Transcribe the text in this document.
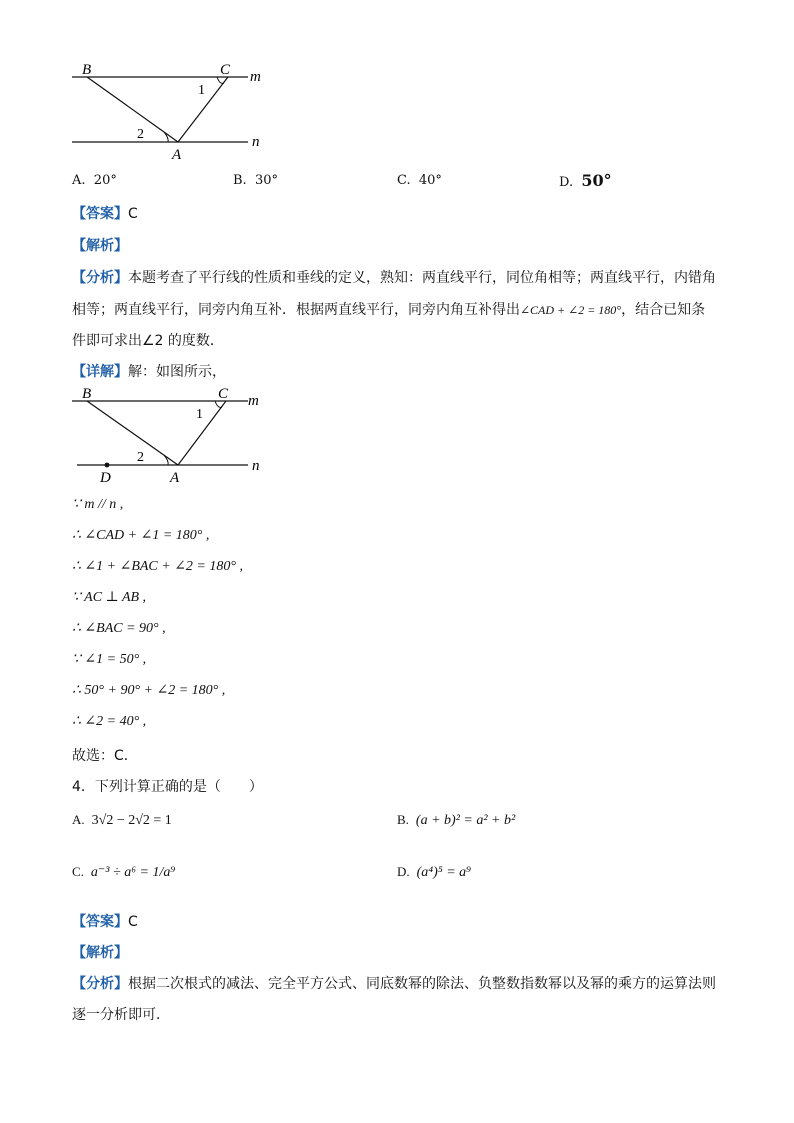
B	C m
n
A
1
2
A. 20°	B. 30°	C. 40°	D. 50°
【答案】C
【解析】
【分析】本题考查了平行线的性质和垂线的定义，熟知：两直线平行，同位角相等；两直线平行，内错角
相等；两直线平行，同旁内角互补．根据两直线平行，同旁内角互补得出∠CAD + ∠2 = 180°，结合已知条
件即可求出∠2 的度数．
【详解】解：如图所示，
B	C m
n
D	A
1
2
∵ m // n ,
∴ ∠CAD + ∠1 = 180° ,
∴ ∠1 + ∠BAC + ∠2 = 180° ,
∵ AC ⊥ AB ,
∴ ∠BAC = 90° ,
∵ ∠1 = 50° ,
∴ 50° + 90° + ∠2 = 180° ,
∴ ∠2 = 40° ,
故选：C．
4．下列计算正确的是（　　）
A. 3√2 − 2√2 = 1	B. (a + b)² = a² + b²
C. a⁻³ ÷ a⁶ = 1/a⁹	D. (a⁴)⁵ = a⁹
【答案】C
【解析】
【分析】根据二次根式的减法、完全平方公式、同底数幂的除法、负整数指数幂以及幂的乘方的运算法则
逐一分析即可．
